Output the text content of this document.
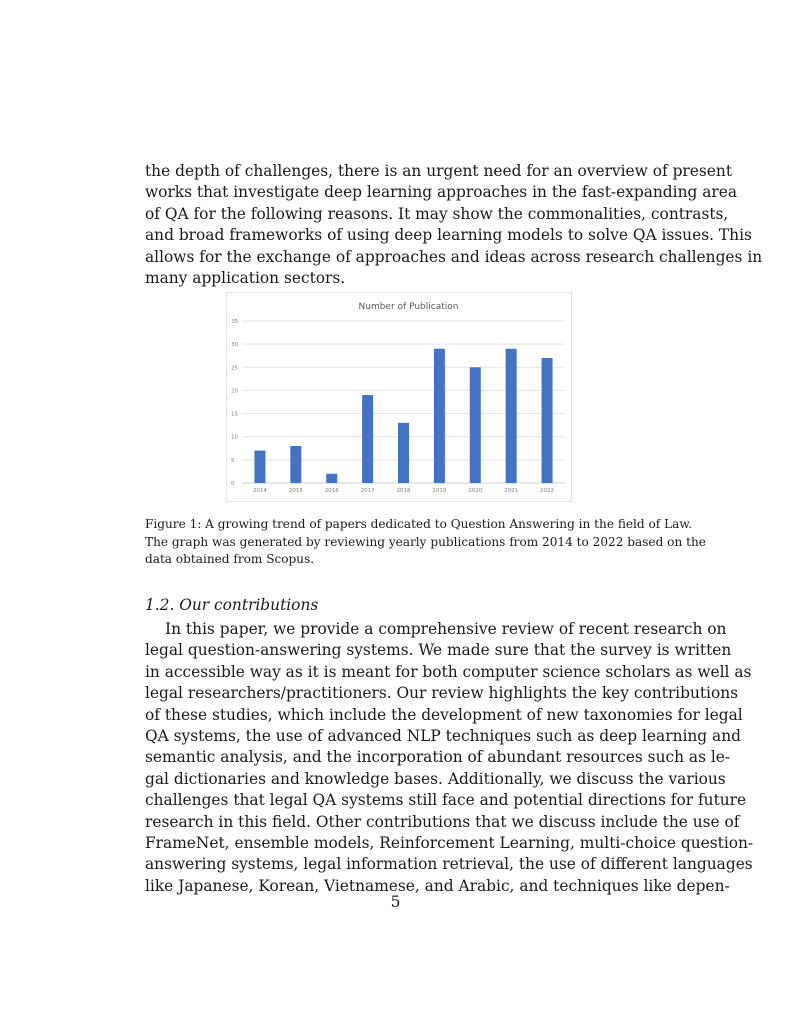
the depth of challenges, there is an urgent need for an overview of present
works that investigate deep learning approaches in the fast-expanding area
of QA for the following reasons. It may show the commonalities, contrasts,
and broad frameworks of using deep learning models to solve QA issues. This
allows for the exchange of approaches and ideas across research challenges in
many application sectors.
Number of Publication
0
5
10
15
20
25
30
35
2014	2015	2016	2017	2018	2019	2020	2021	2022
Figure 1: A growing trend of papers dedicated to Question Answering in the field of Law.
The graph was generated by reviewing yearly publications from 2014 to 2022 based on the
data obtained from Scopus.
1.2. Our contributions
In this paper, we provide a comprehensive review of recent research on
legal question-answering systems. We made sure that the survey is written
in accessible way as it is meant for both computer science scholars as well as
legal researchers/practitioners. Our review highlights the key contributions
of these studies, which include the development of new taxonomies for legal
QA systems, the use of advanced NLP techniques such as deep learning and
semantic analysis, and the incorporation of abundant resources such as le-
gal dictionaries and knowledge bases. Additionally, we discuss the various
challenges that legal QA systems still face and potential directions for future
research in this field. Other contributions that we discuss include the use of
FrameNet, ensemble models, Reinforcement Learning, multi-choice question-
answering systems, legal information retrieval, the use of different languages
like Japanese, Korean, Vietnamese, and Arabic, and techniques like depen-
5
